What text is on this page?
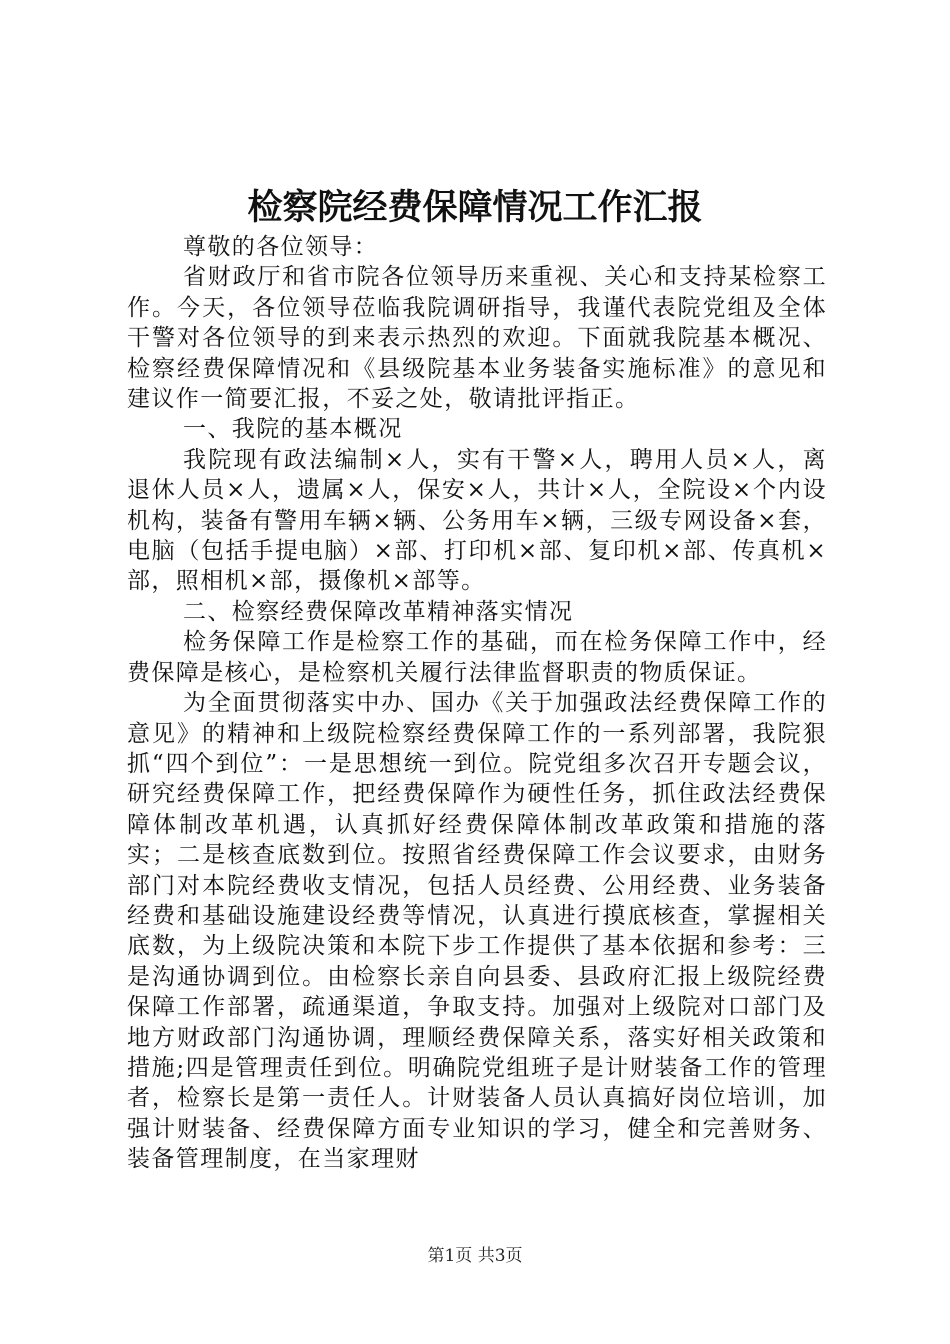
检察院经费保障情况工作汇报

尊敬的各位领导：

省财政厅和省市院各位领导历来重视、关心和支持某检察工作。今天，各位领导莅临我院调研指导，我谨代表院党组及全体干警对各位领导的到来表示热烈的欢迎。下面就我院基本概况、检察经费保障情况和《县级院基本业务装备实施标准》的意见和建议作一简要汇报，不妥之处，敬请批评指正。

一、我院的基本概况

我院现有政法编制×人，实有干警×人，聘用人员×人，离退休人员×人，遗属×人，保安×人，共计×人，全院设×个内设机构，装备有警用车辆×辆、公务用车×辆，三级专网设备×套，电脑（包括手提电脑）×部、打印机×部、复印机×部、传真机×部，照相机×部，摄像机×部等。

二、检察经费保障改革精神落实情况

检务保障工作是检察工作的基础，而在检务保障工作中，经费保障是核心，是检察机关履行法律监督职责的物质保证。

为全面贯彻落实中办、国办《关于加强政法经费保障工作的意见》的精神和上级院检察经费保障工作的一系列部署，我院狠抓“四个到位”：一是思想统一到位。院党组多次召开专题会议，研究经费保障工作，把经费保障作为硬性任务，抓住政法经费保障体制改革机遇，认真抓好经费保障体制改革政策和措施的落实；二是核查底数到位。按照省经费保障工作会议要求，由财务部门对本院经费收支情况，包括人员经费、公用经费、业务装备经费和基础设施建设经费等情况，认真进行摸底核查，掌握相关底数，为上级院决策和本院下步工作提供了基本依据和参考：三是沟通协调到位。由检察长亲自向县委、县政府汇报上级院经费保障工作部署，疏通渠道，争取支持。加强对上级院对口部门及地方财政部门沟通协调，理顺经费保障关系，落实好相关政策和措施;四是管理责任到位。明确院党组班子是计财装备工作的管理者，检察长是第一责任人。计财装备人员认真搞好岗位培训，加强计财装备、经费保障方面专业知识的学习，健全和完善财务、装备管理制度，在当家理财

第1页 共3页
